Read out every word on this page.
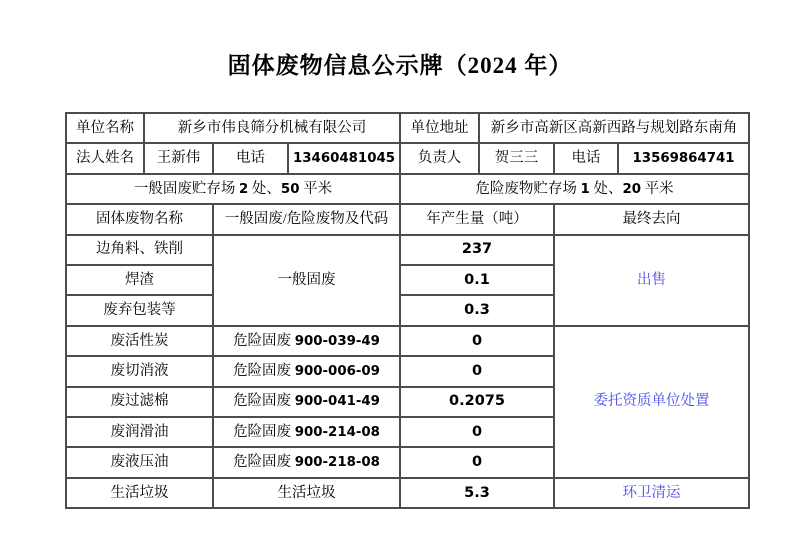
固体废物信息公示牌（2024 年）
单位名称	新乡市伟良筛分机械有限公司			单位地址	新乡市高新区高新西路与规划路东南角		
法人姓名	王新伟	电话	13460481045	负责人	贺三三	电话	13569864741
一般固废贮存场 2 处、50 平米				危险废物贮存场 1 处、20 平米			
固体废物名称		一般固废/危险废物及代码		年产生量（吨）		最终去向	
边角料、铁削		一般固废		237		出售	
焊渣				0.1			
废弃包装等				0.3			
废活性炭		危险固废 900-039-49		0		委托资质单位处置	
废切消液		危险固废 900-006-09		0			
废过滤棉		危险固废 900-041-49		0.2075			
废润滑油		危险固废 900-214-08		0			
废液压油		危险固废 900-218-08		0			
生活垃圾		生活垃圾		5.3		环卫清运	
